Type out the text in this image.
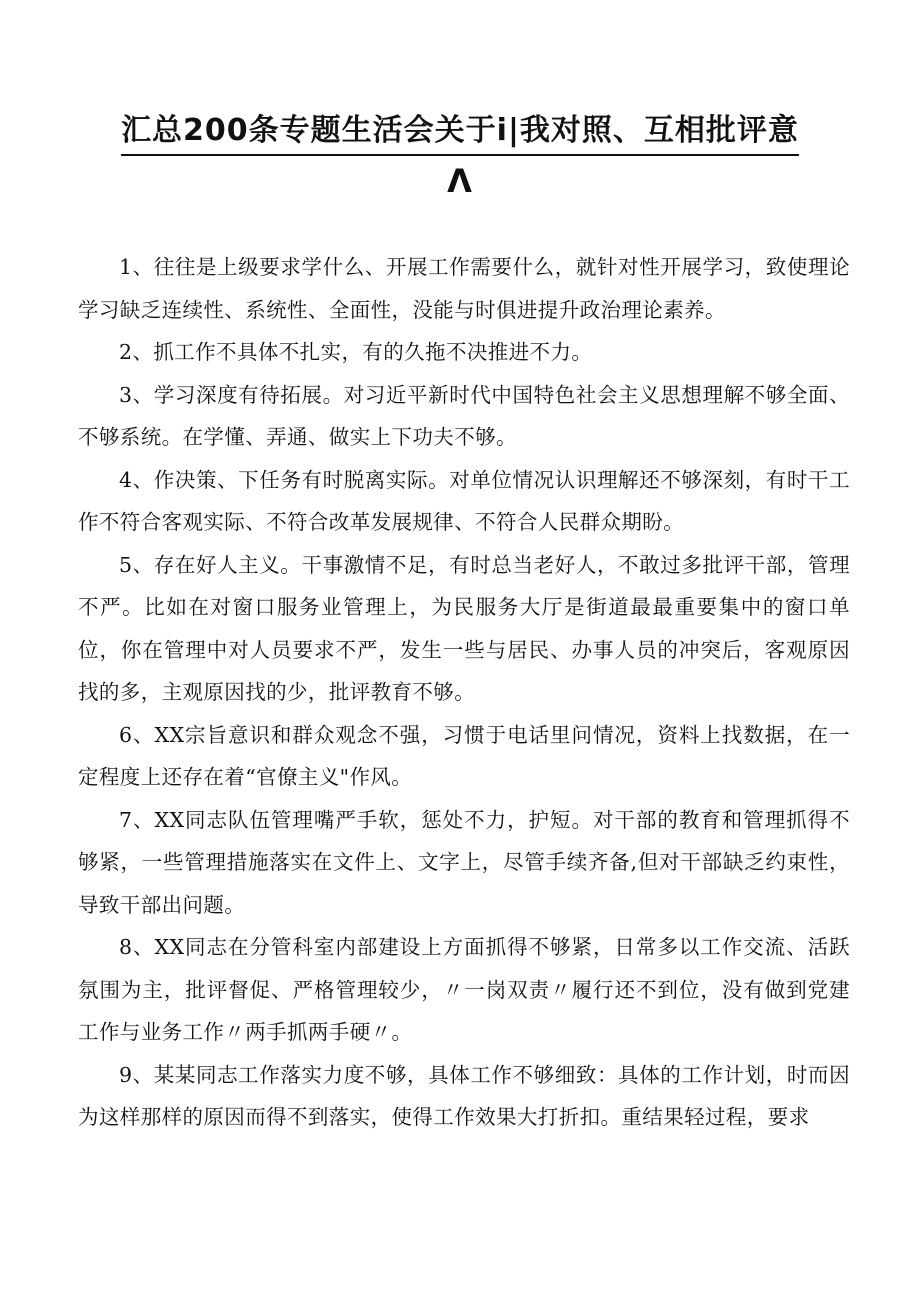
汇总200条专题生活会关于i|我对照、互相批评意
Λ

1、往往是上级要求学什么、开展工作需要什么，就针对性开展学习，致使理论学习缺乏连续性、系统性、全面性，没能与时俱进提升政治理论素养。

2、抓工作不具体不扎实，有的久拖不决推进不力。

3、学习深度有待拓展。对习近平新时代中国特色社会主义思想理解不够全面、不够系统。在学懂、弄通、做实上下功夫不够。

4、作决策、下任务有时脱离实际。对单位情况认识理解还不够深刻，有时干工作不符合客观实际、不符合改革发展规律、不符合人民群众期盼。

5、存在好人主义。干事激情不足，有时总当老好人，不敢过多批评干部，管理不严。比如在对窗口服务业管理上，为民服务大厅是街道最最重要集中的窗口单位，你在管理中对人员要求不严，发生一些与居民、办事人员的冲突后，客观原因找的多，主观原因找的少，批评教育不够。

6、XX宗旨意识和群众观念不强，习惯于电话里问情况，资料上找数据，在一定程度上还存在着“官僚主义"作风。

7、XX同志队伍管理嘴严手软，惩处不力，护短。对干部的教育和管理抓得不够紧，一些管理措施落实在文件上、文字上，尽管手续齐备,但对干部缺乏约束性，导致干部出问题。

8、XX同志在分管科室内部建设上方面抓得不够紧，日常多以工作交流、活跃氛围为主，批评督促、严格管理较少，〃一岗双责〃履行还不到位，没有做到党建工作与业务工作〃两手抓两手硬〃。

9、某某同志工作落实力度不够，具体工作不够细致：具体的工作计划，时而因为这样那样的原因而得不到落实，使得工作效果大打折扣。重结果轻过程，要求
